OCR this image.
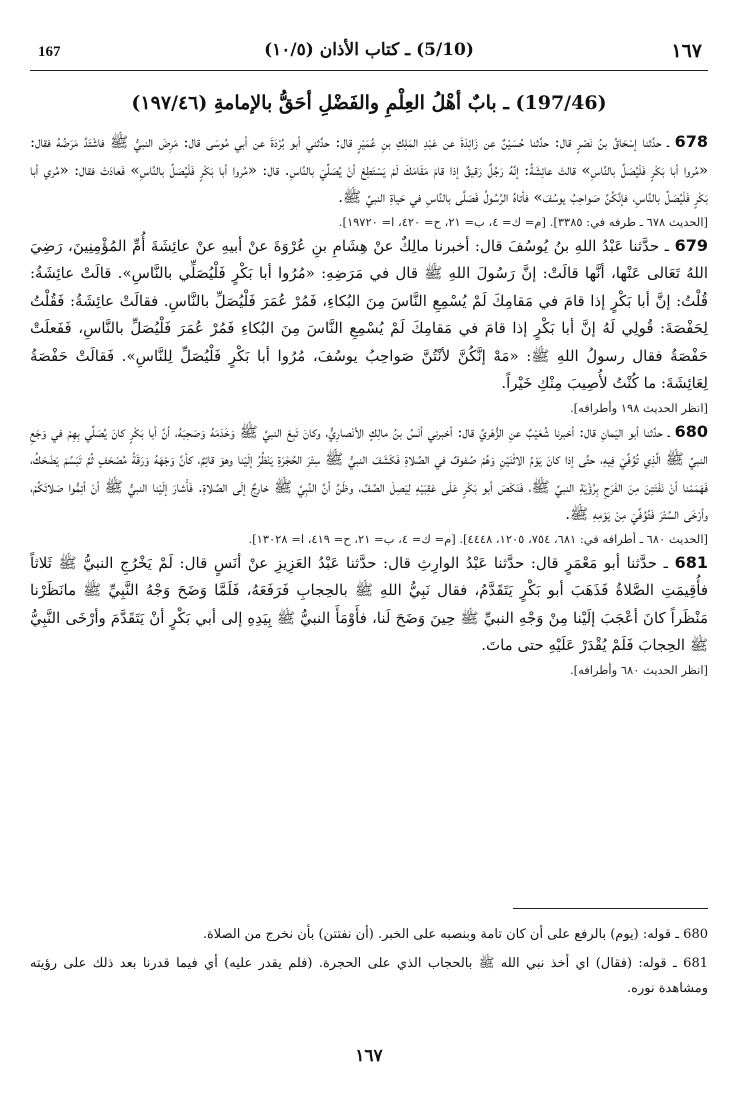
167	(5/10) ـ كتاب الأذان (١٠/٥)	١٦٧
(197/46) ـ بابٌ أهْلُ العِلْمِ والفَضْلِ أحَقُّ بالإمامةِ (١٩٧/٤٦)

678 ـ حدَّثنا إسْحَاقُ بنُ نَصْرٍ قال: حدَّثنا حُسَيْنٌ عن زَائِدَةَ عن عَبْدِ المَلِكِ بنِ عُمَيْرٍ قال: حدَّثني أبو بُرْدَةَ عن أبي مُوسَى قال: مَرِضَ النبيُّ ﷺ فاشْتَدَّ مَرَضُهُ فقال: «مُروا أبا بَكْرٍ فَلْيُصَلِّ بالنَّاسِ» قالتْ عائِشَةُ: إنَّهُ رَجُلٌ رَقيقٌ إذا قامَ مَقَامَكَ لَمْ يَسْتَطِعْ أنْ يُصَلِّيَ بالنَّاسِ. قال: «مُروا أبا بَكْرٍ فَلْيُصَلِّ بالنَّاسِ» فَعادَتْ فقال: «مُري أبا بَكْرٍ فَلْيُصَلِّ بالنَّاسِ، فإنَّكُنَّ صَواحِبُ يوسُفَ» فأتاهُ الرَّسُولُ فَصَلَّى بالنَّاسِ في حَياةِ النبيِّ ﷺ.

[الحديث ٦٧٨ ـ طرفه في: ٣٣٨٥]. [م= ك= ٤، ب= ٢١، ح= ٤٢٠، ا= ١٩٧٢٠].

679 ـ حدَّثنا عَبْدُ اللهِ بنُ يُوسُفَ قال: أخبرنا مالِكٌ عنْ هِشَامِ بنِ عُرْوَةَ عنْ أبيهِ عنْ عائِشَةَ أُمِّ المُؤْمِنِينَ، رَضِيَ اللهُ تَعَالى عَنْها، أنَّها قالَتْ: إنَّ رَسُولَ اللهِ ﷺ قال في مَرَضِهِ: «مُرُوا أبا بَكْرٍ فَلْيُصَلِّي بالنَّاسِ». قالَتْ عائِشَةُ: قُلْتُ: إنَّ أبا بَكْرٍ إذا قامَ في مَقامِكَ لَمْ يُسْمِعِ النَّاسَ مِنَ البُكاءِ، فَمُرْ عُمَرَ فَلْيُصَلِّ بالنَّاسِ. فقالَتْ عائِشَةُ: فَقُلْتُ لِحَفْصَةَ: قُولِي لَهُ إنَّ أبا بَكْرٍ إذا قامَ في مَقامِكَ لَمْ يُسْمِعِ النَّاسَ مِنَ البُكاءِ فَمُرْ عُمَرَ فَلْيُصَلِّ بالنَّاسِ، فَفَعلَتْ حَفْصَةُ فقال رسولُ اللهِ ﷺ: «مَهْ إنَّكُنَّ لأنْتُنَّ صَواحِبُ يوسُفَ، مُرُوا أبا بَكْرٍ فَلْيُصَلِّ لِلنَّاسِ». فَقالَتْ حَفْصَةُ لِعَائِشَةَ: ما كُنْتُ لأُصِيبَ مِنْكِ خَيْراً.

[انظر الحديث ١٩٨ وأطرافه].

680 ـ حدَّثنا أبو اليَمانِ قال: أخبرنا شُعَيْبٌ عنِ الزُّهْريِّ قال: أخبرني أنَسُ بنُ مالِكٍ الأنْصارِيُّ، وكانَ تَبِعَ النبيَّ ﷺ وَخَدَمَهُ وَصَحِبَهُ، أنَّ أبا بَكْرٍ كانَ يُصَلِّي بِهِمْ في وَجَعِ النبيِّ ﷺ الَّذِي تُوُفِّيَ فِيهِ، حتَّى إذا كانَ يَوْمُ الاثْنَيْنِ وَهُمْ صُفوفٌ في الصَّلاةِ فَكَشَفَ النبيُّ ﷺ سِتْرَ الحُجْرَةِ يَنْظُرُ إلَيْنا وهوَ قائِمٌ، كأنَّ وَجْهَهُ وَرَقَةُ مُصْحَفٍ ثُمَّ تَبَسَّمَ يَضْحَكُ، فَهَمَمْنا أنْ نَفْتَتِنَ مِنَ الفَرَحِ بِرُؤْيَةِ النبيِّ ﷺ، فَنَكَصَ أبو بَكْرٍ عَلَى عَقِبَيْهِ لِيَصِلَ الصَّفَّ، وظَنَّ أنَّ النَّبِيَّ ﷺ خارِجٌ إلَى الصَّلاةِ. فَأَشارَ إلَيْنا النبيُّ ﷺ أنْ أتِمُّوا صَلاتَكُمْ، وأرْخَى السِّتْرَ فَتُوُفِّيَ مِنْ يَوْمِهِ ﷺ.

[الحديث ٦٨٠ ـ أطرافه في: ٦٨١، ٧٥٤، ١٢٠٥، ٤٤٤٨]. [م= ك= ٤، ب= ٢١، ح= ٤١٩، ا= ١٣٠٢٨].

681 ـ حدَّثنا أبو مَعْمَرٍ قال: حدَّثنا عَبْدُ الوارِثِ قال: حدَّثنا عَبْدُ العَزِيزِ عنْ أنَسٍ قال: لَمْ يَخْرُجِ النبيُّ ﷺ ثَلاثاً فأُقِيمَتِ الصَّلاةُ فَذَهَبَ أبو بَكْرٍ يَتَقَدَّمُ، فقال نَبِيُّ اللهِ ﷺ بالحِجابِ فَرَفَعَهُ، فَلَمَّا وَضَحَ وَجْهُ النَّبِيِّ ﷺ مانَظَرْنا مَنْظَراً كانَ أعْجَبَ إلَيْنا مِنْ وَجْهِ النبيِّ ﷺ حِينَ وَضَحَ لَنا، فأَوْمَأَ النبيُّ ﷺ بِيَدِهِ إلى أبي بَكْرٍ أنْ يَتَقَدَّمَ وأرْخَى النَّبِيُّ ﷺ الحِجابَ فَلَمْ يُقْدَرْ عَلَيْهِ حتى ماتَ.

[انظر الحديث ٦٨٠ وأطرافه].

680 ـ قوله: (يوم) بالرفع على أن كان تامة وبنصبه على الخبر. (أن نفتتن) بأن نخرج من الصلاة.

681 ـ قوله: (فقال) اي أخذ نبي الله ﷺ بالحجاب الذي على الحجرة. (فلم يقدر عليه) أي فيما قدرنا بعد ذلك على رؤيته ومشاهدة نوره.

١٦٧
